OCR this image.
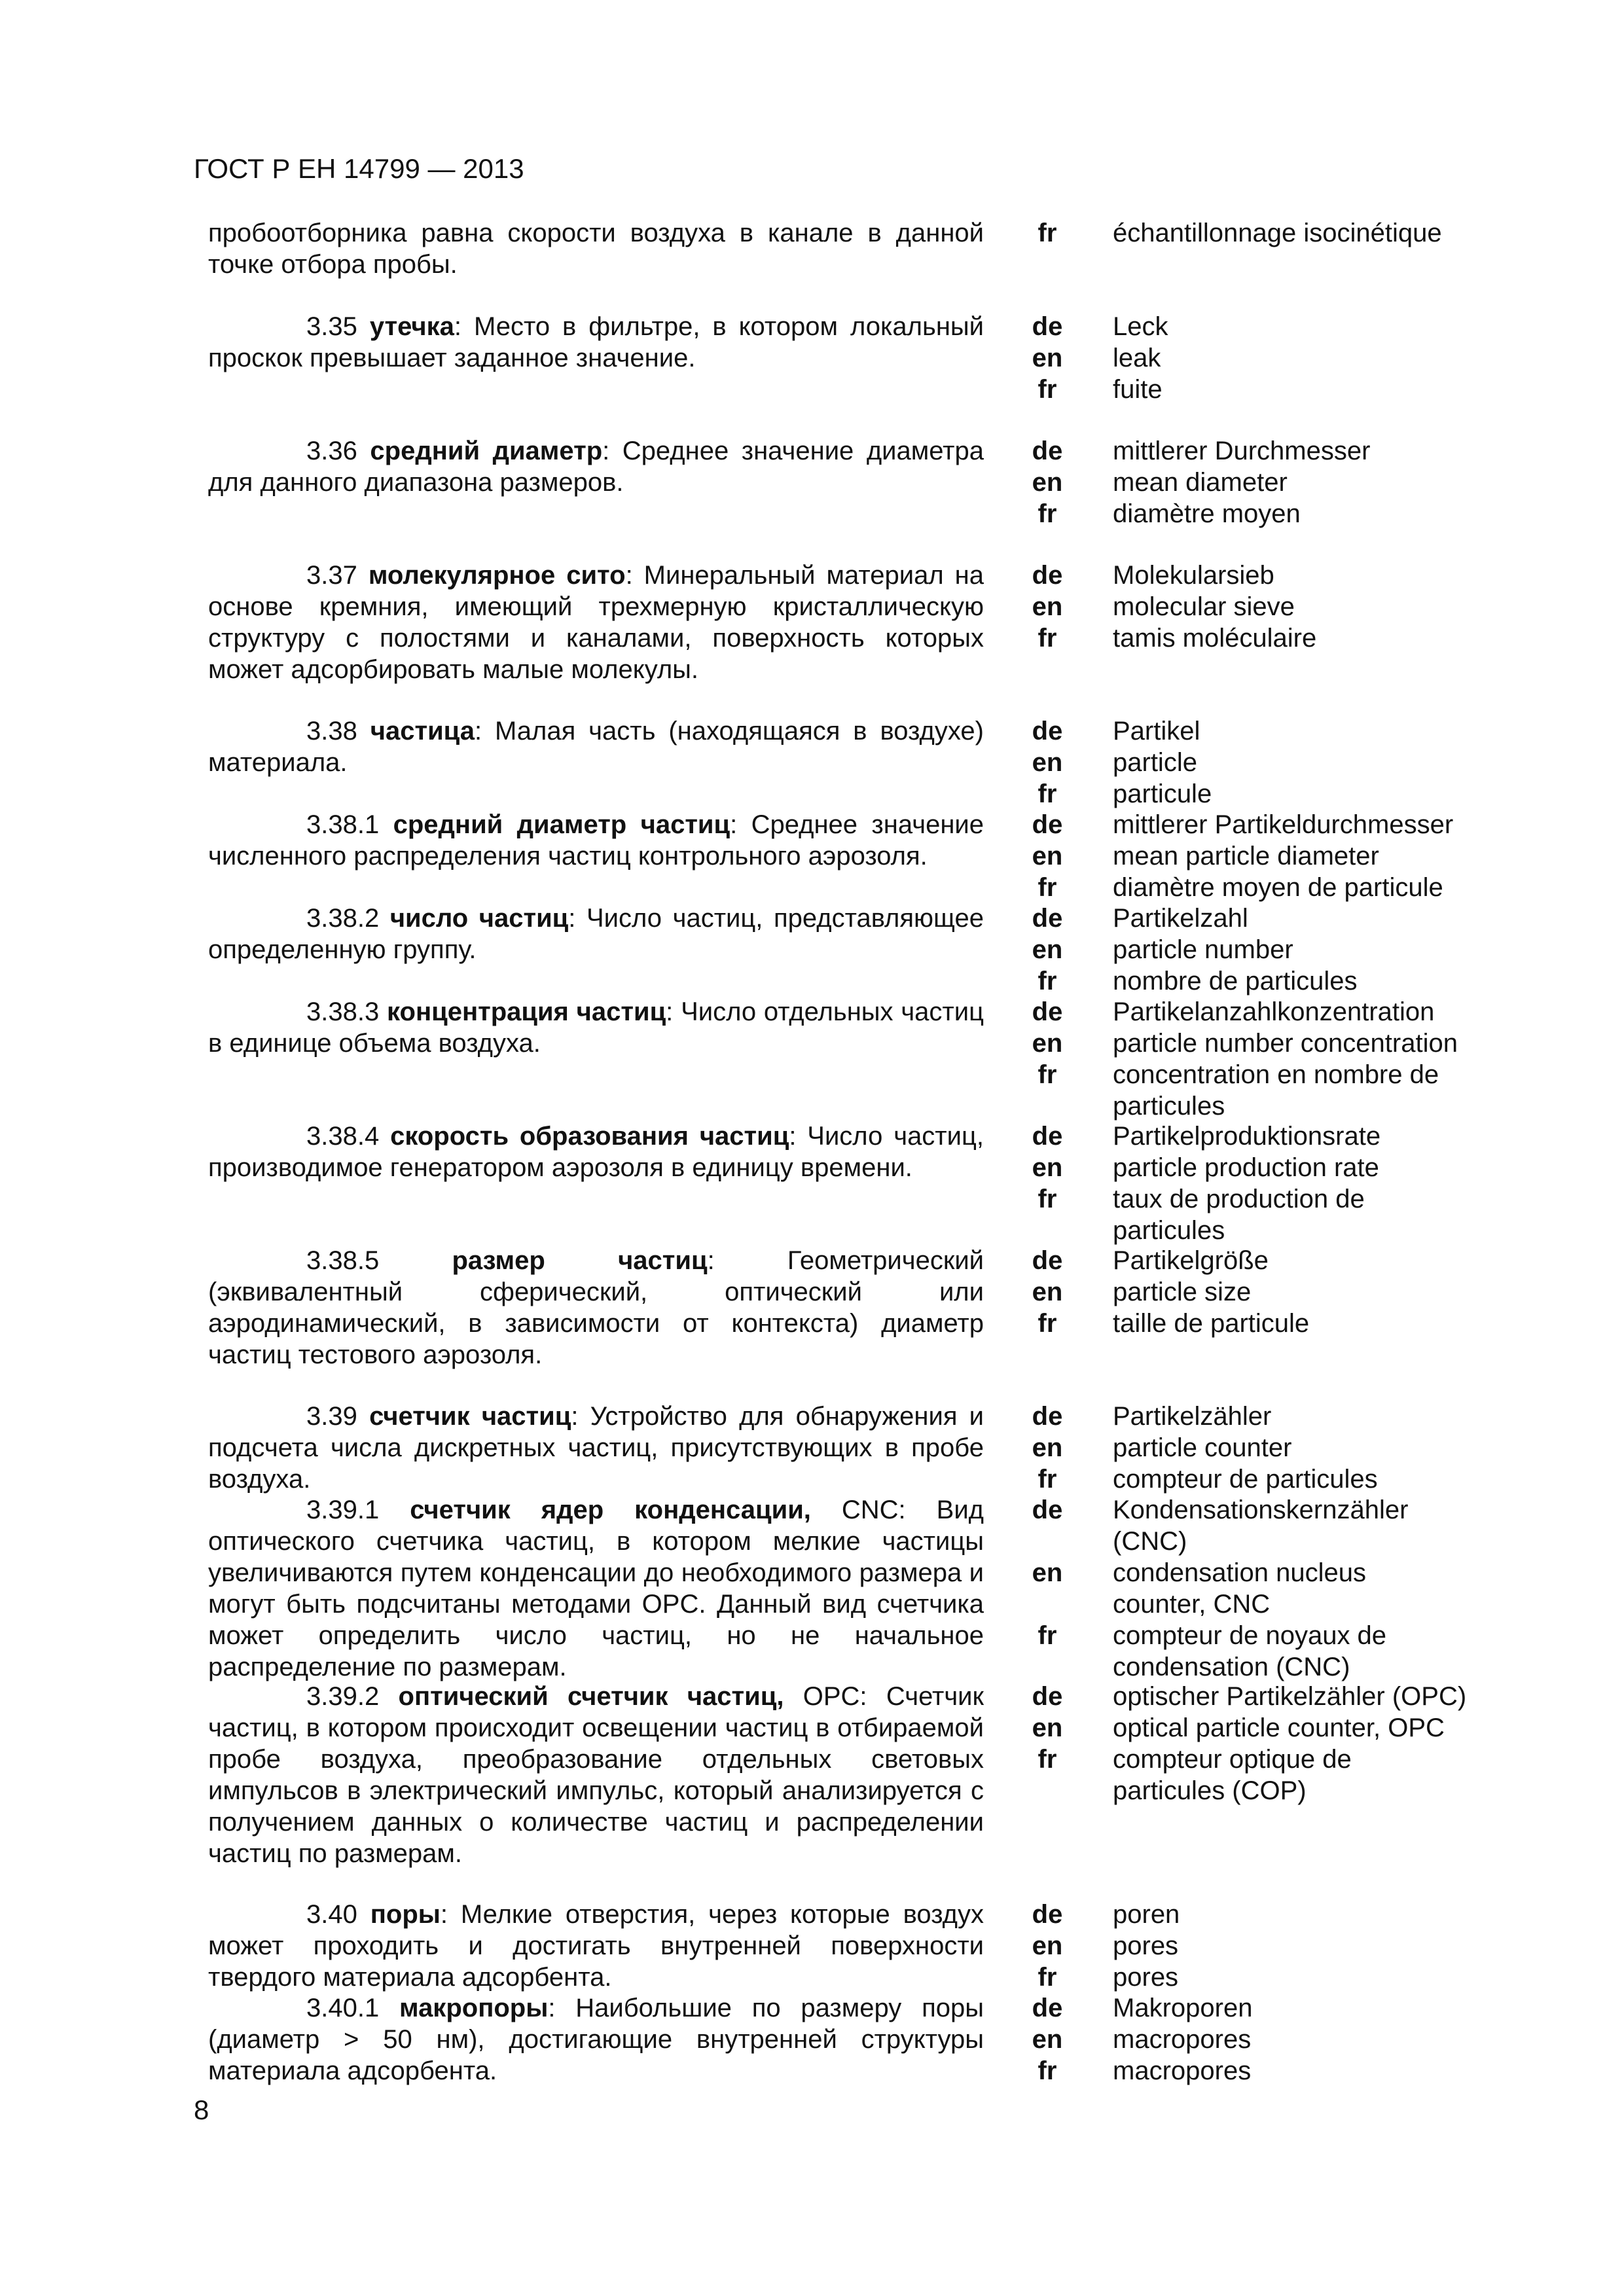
ГОСТ Р ЕН 14799 — 2013
пробоотборника равна скорости воздуха в канале в данной точке отбора пробы.
fr	échantillonnage isocinétique
3.35 утечка: Место в фильтре, в котором локальный проскок превышает заданное значение.
de	Leck
en	leak
fr	fuite
3.36 средний диаметр: Среднее значение диаметра для данного диапазона размеров.
de	mittlerer Durchmesser
en	mean diameter
fr	diamètre moyen
3.37 молекулярное сито: Минеральный материал на основе кремния, имеющий трехмерную кристаллическую структуру с полостями и каналами, поверхность которых может адсорбировать малые молекулы.
de	Molekularsieb
en	molecular sieve
fr	tamis moléculaire
3.38 частица: Малая часть (находящаяся в воздухе) материала.
de	Partikel
en	particle
fr	particule
3.38.1 средний диаметр частиц: Среднее значение численного распределения частиц контрольного аэрозоля.
de	mittlerer Partikeldurchmesser
en	mean particle diameter
fr	diamètre moyen de particule
3.38.2 число частиц: Число частиц, представляющее определенную группу.
de	Partikelzahl
en	particle number
fr	nombre de particules
3.38.3 концентрация частиц: Число отдельных частиц в единице объема воздуха.
de	Partikelanzahlkonzentration
en	particle number concentration
fr	concentration en nombre de
particules
3.38.4 скорость образования частиц: Число частиц, производимое генератором аэрозоля в единицу времени.
de	Partikelproduktionsrate
en	particle production rate
fr	taux de production de
particules
3.38.5 размер частиц: Геометрический (эквивалентный сферический, оптический или аэродинамический, в зависимости от контекста) диаметр частиц тестового аэрозоля.
de	Partikelgröße
en	particle size
fr	taille de particule
3.39 счетчик частиц: Устройство для обнаружения и подсчета числа дискретных частиц, присутствующих в пробе воздуха.
de	Partikelzähler
en	particle counter
fr	compteur de particules
3.39.1 счетчик ядер конденсации, CNC: Вид оптического счетчика частиц, в котором мелкие частицы увеличиваются путем конденсации до необходимого размера и могут быть подсчитаны методами OPC. Данный вид счетчика может определить число частиц, но не начальное распределение по размерам.
de	Kondensationskernzähler
(CNC)
en	condensation nucleus
counter, CNC
fr	compteur de noyaux de
condensation (CNC)
3.39.2 оптический счетчик частиц, OPC: Счетчик частиц, в котором происходит освещении частиц в отбираемой пробе воздуха, преобразование отдельных световых импульсов в электрический импульс, который анализируется с получением данных о количестве частиц и распределении частиц по размерам.
de	optischer Partikelzähler (OPC)
en	optical particle counter, OPC
fr	compteur optique de
particules (COP)
3.40 поры: Мелкие отверстия, через которые воздух может проходить и достигать внутренней поверхности твердого материала адсорбента.
de	poren
en	pores
fr	pores
3.40.1 макропоры: Наибольшие по размеру поры (диаметр > 50 нм), достигающие внутренней структуры материала адсорбента.
de	Makroporen
en	macropores
fr	macropores
8
